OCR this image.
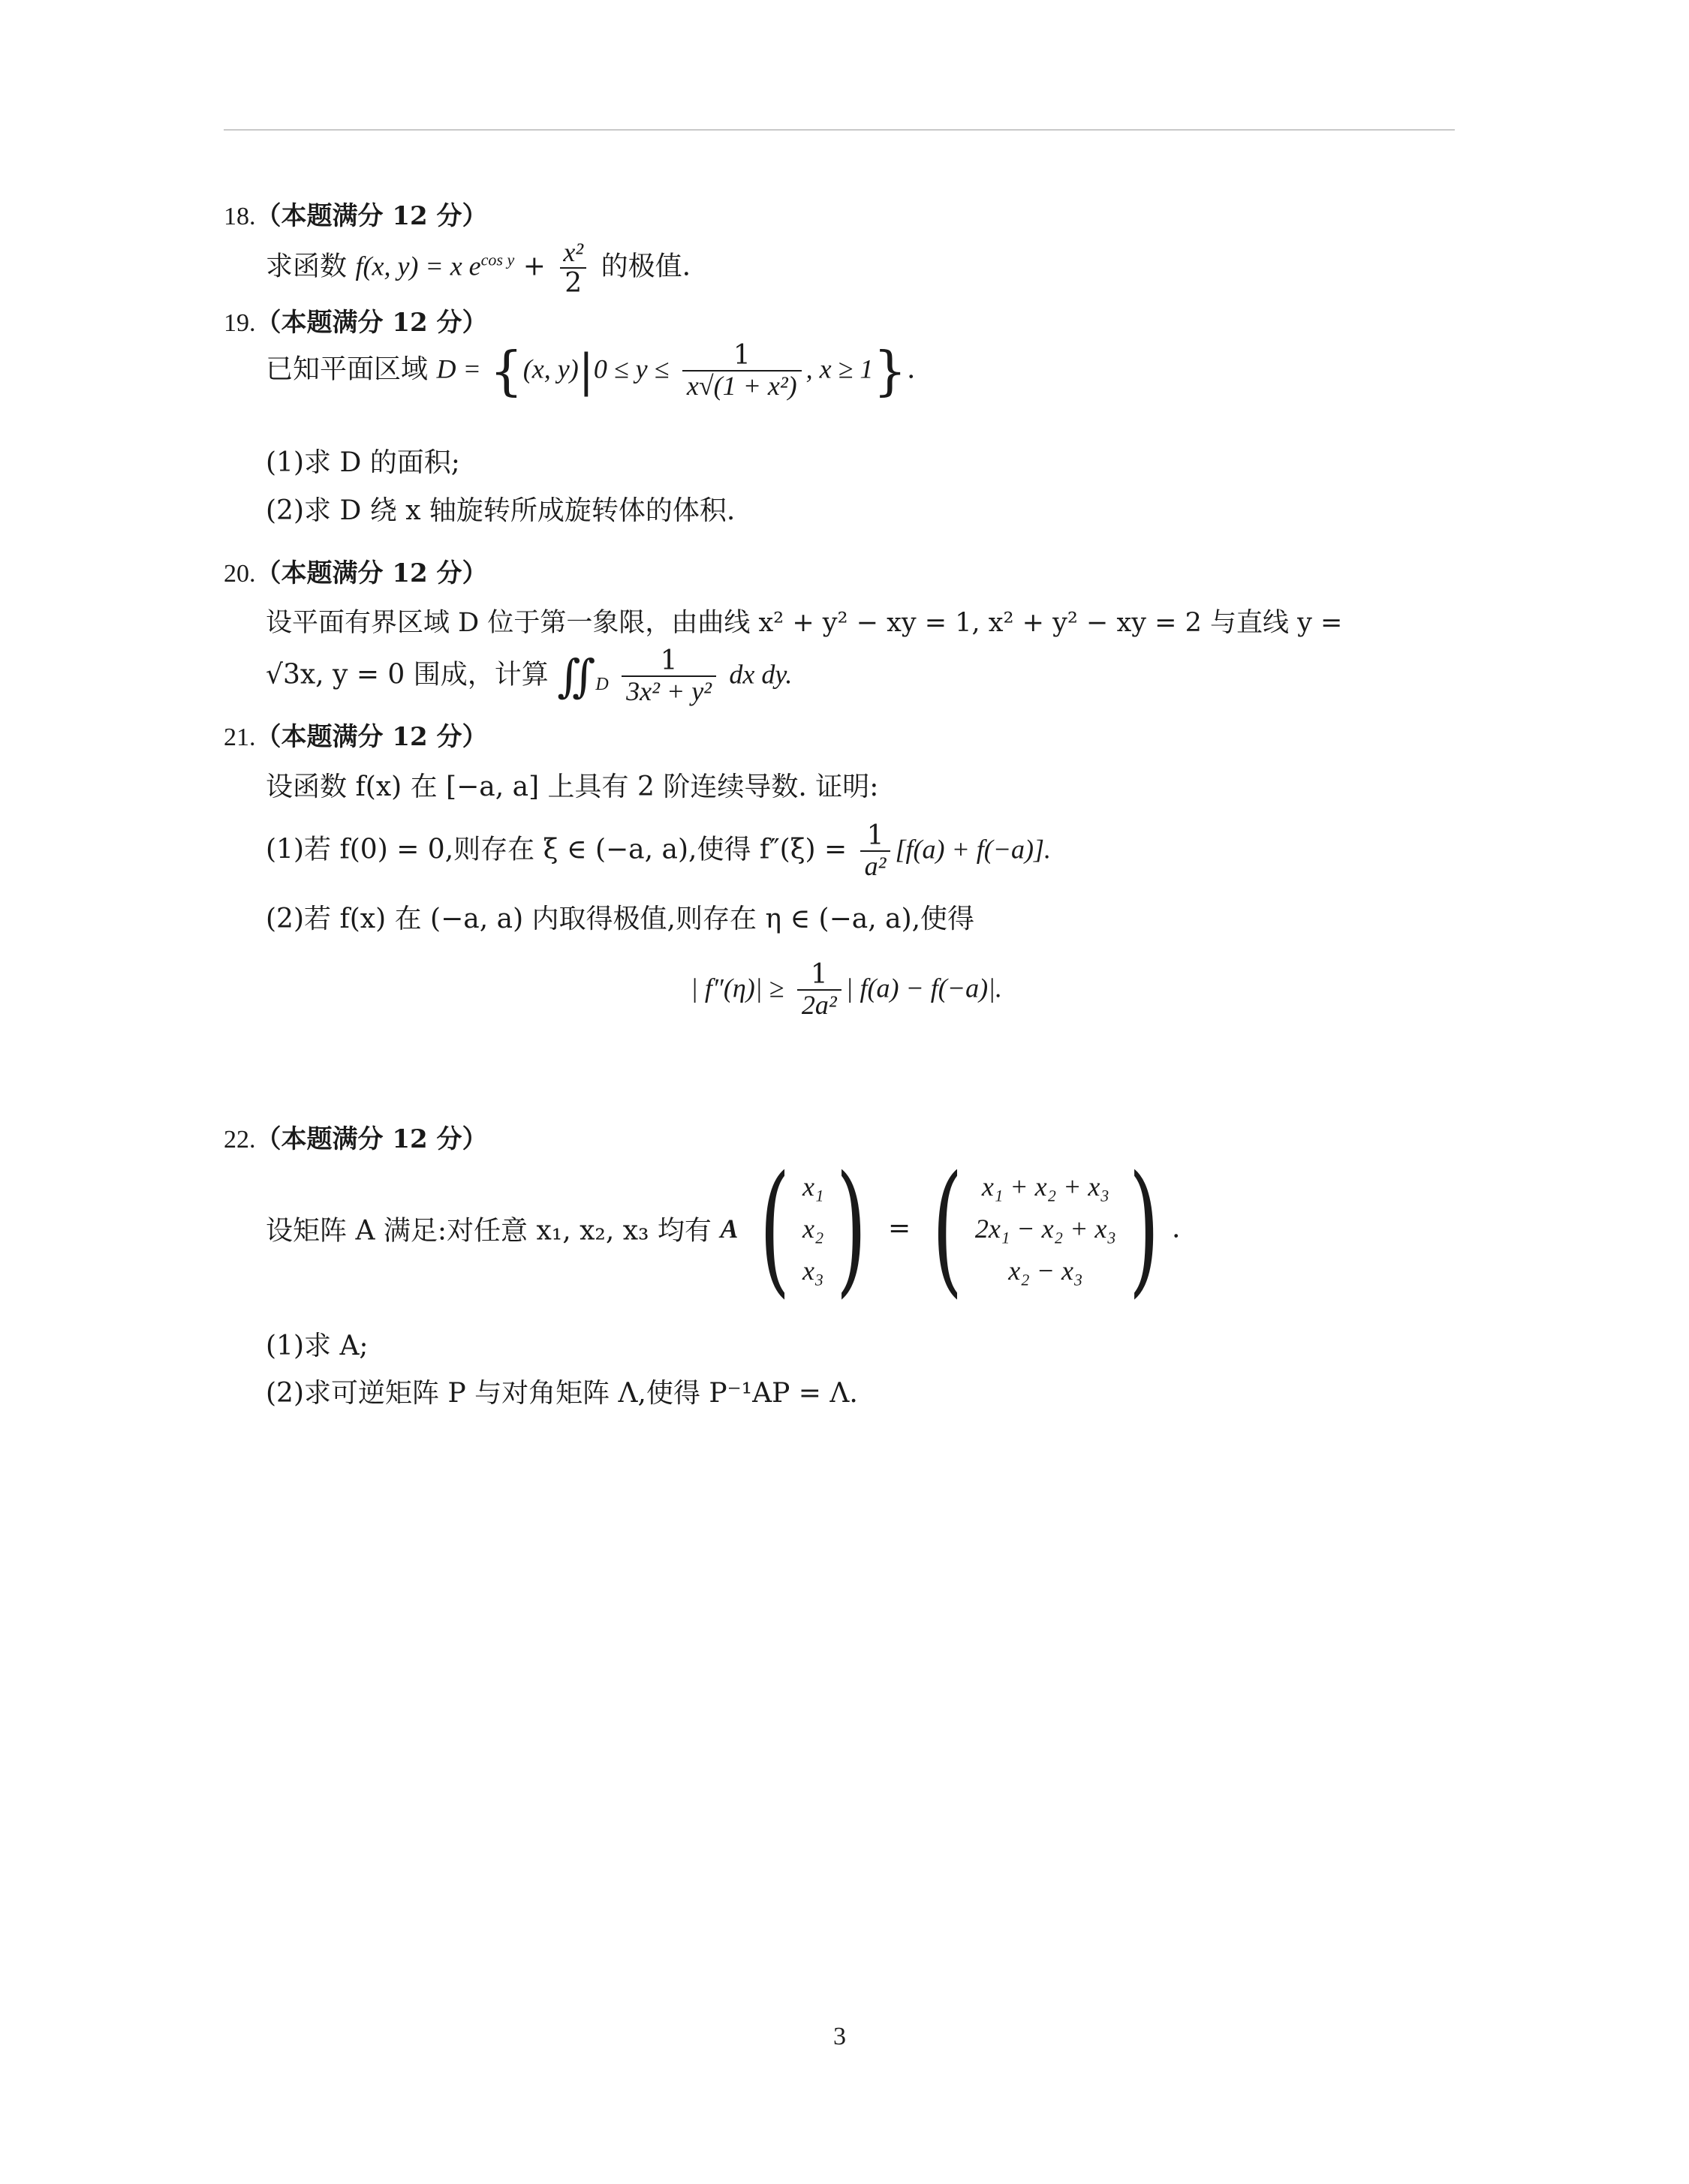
18.（本题满分 12 分）
求函数 f(x, y) = x $e^{cos y} + \frac{\text{x²}}{2}$ 的极值.
19.（本题满分 12 分）
已知平面区域 D = {(x, $y)|0 \le y \le \frac{1}{\text{x√(1 + x²)}}$ , x ≥ 1}.
(1)求 D 的面积;
(2)求 D 绕 x 轴旋转所成旋转体的体积.
20.（本题满分 12 分）
设平面有界区域 D 位于第一象限，由曲线 x² + y² − xy = 1, x² + y² − xy = 2 与直线 y =
√3x, y = 0 围成，计算 $∬_D \frac{1}{\text{3x² + y²}}$ dx dy.
21.（本题满分 12 分）
设函数 f(x) 在 [−a, a] 上具有 2 阶连续导数. 证明:
(1)若 f(0) = 0,则存在 ξ ∈ (−a, a),使得 $f''(\xi) = \frac{1}{\text{a²}} [f(a) + f(-a)]$.
(2)若 f(x) 在 (−a, a) 内取得极值,则存在 η ∈ (−a, a),使得
| $f''(\eta)| \ge \frac{1}{\text{2a²}}$ | f(a) − f(−a)|.
22.（本题满分 12 分）
设矩阵 A 满足:对任意 x₁, x₂, x₃ 均有 A ( x₁
x₂
x₃ ) = ( x₁ + x₂ + x₃
2x₁ − x₂ + x₃
x₂ − x₃ ) .
(1)求 A;
(2)求可逆矩阵 P 与对角矩阵 Λ,使得 P⁻¹AP = Λ.
3
